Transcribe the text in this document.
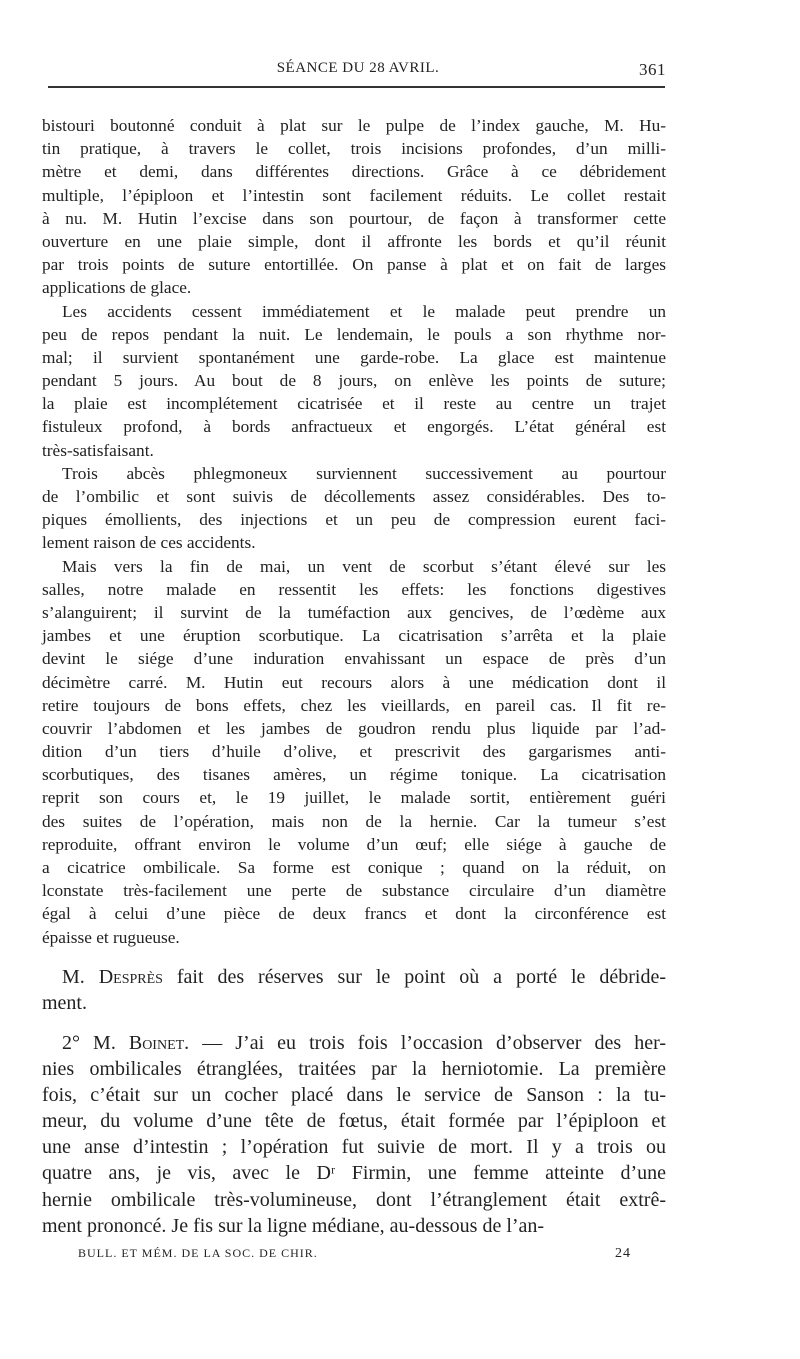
SÉANCE DU 28 AVRIL.	361
bistouri boutonné conduit à plat sur le pulpe de l’index gauche, M. Hu-
tin pratique, à travers le collet, trois incisions profondes, d’un milli-
mètre et demi, dans différentes directions. Grâce à ce débridement
multiple, l’épiploon et l’intestin sont facilement réduits. Le collet restait
à nu. M. Hutin l’excise dans son pourtour, de façon à transformer cette
ouverture en une plaie simple, dont il affronte les bords et qu’il réunit
par trois points de suture entortillée. On panse à plat et on fait de larges
applications de glace.
Les accidents cessent immédiatement et le malade peut prendre un
peu de repos pendant la nuit. Le lendemain, le pouls a son rhythme nor-
mal; il survient spontanément une garde-robe. La glace est maintenue
pendant 5 jours. Au bout de 8 jours, on enlève les points de suture;
la plaie est incomplétement cicatrisée et il reste au centre un trajet
fistuleux profond, à bords anfractueux et engorgés. L’état général est
très-satisfaisant.
Trois abcès phlegmoneux surviennent successivement au pourtour
de l’ombilic et sont suivis de décollements assez considérables. Des to-
piques émollients, des injections et un peu de compression eurent faci-
lement raison de ces accidents.
Mais vers la fin de mai, un vent de scorbut s’étant élevé sur les
salles, notre malade en ressentit les effets: les fonctions digestives
s’alanguirent; il survint de la tuméfaction aux gencives, de l’œdème aux
jambes et une éruption scorbutique. La cicatrisation s’arrêta et la plaie
devint le siége d’une induration envahissant un espace de près d’un
décimètre carré. M. Hutin eut recours alors à une médication dont il
retire toujours de bons effets, chez les vieillards, en pareil cas. Il fit re-
couvrir l’abdomen et les jambes de goudron rendu plus liquide par l’ad-
dition d’un tiers d’huile d’olive, et prescrivit des gargarismes anti-
scorbutiques, des tisanes amères, un régime tonique. La cicatrisation
reprit son cours et, le 19 juillet, le malade sortit, entièrement guéri
des suites de l’opération, mais non de la hernie. Car la tumeur s’est
reproduite, offrant environ le volume d’un œuf; elle siége à gauche de
a cicatrice ombilicale. Sa forme est conique ; quand on la réduit, on
lconstate très-facilement une perte de substance circulaire d’un diamètre
égal à celui d’une pièce de deux francs et dont la circonférence est
épaisse et rugueuse.
M. Desprès fait des réserves sur le point où a porté le débride-
ment.
2° M. Boinet. — J’ai eu trois fois l’occasion d’observer des her-
nies ombilicales étranglées, traitées par la herniotomie. La première
fois, c’était sur un cocher placé dans le service de Sanson : la tu-
meur, du volume d’une tête de fœtus, était formée par l’épiploon et
une anse d’intestin ; l’opération fut suivie de mort. Il y a trois ou
quatre ans, je vis, avec le Dʳ Firmin, une femme atteinte d’une
hernie ombilicale très-volumineuse, dont l’étranglement était extrê-
ment prononcé. Je fis sur la ligne médiane, au-dessous de l’an-
BULL. ET MÉM. DE LA SOC. DE CHIR.	24
